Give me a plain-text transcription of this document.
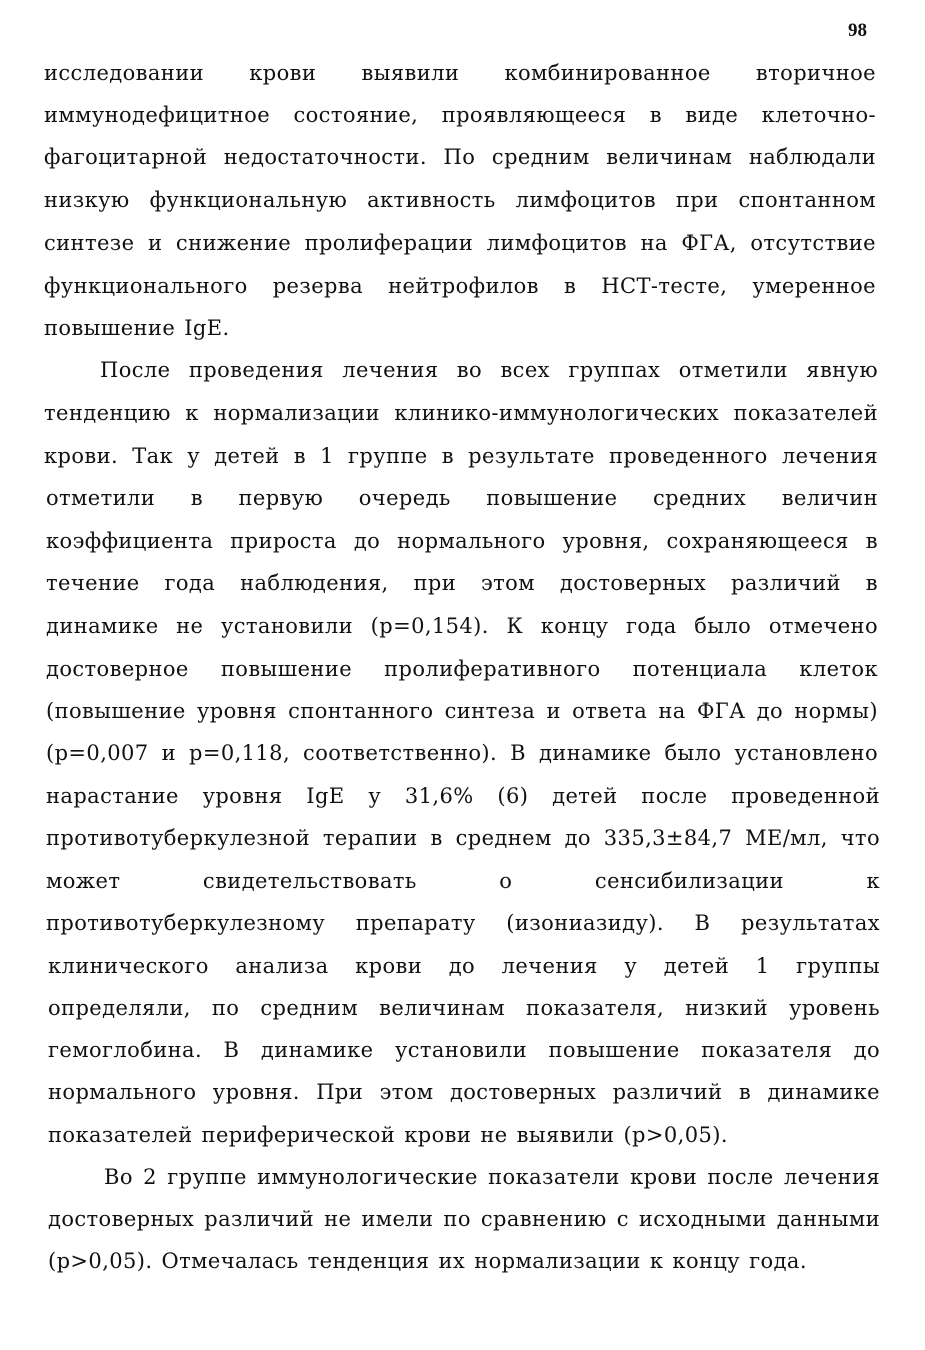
98
исследовании крови выявили комбинированное вторичное
иммунодефицитное состояние, проявляющееся в виде клеточно-
фагоцитарной недостаточности. По средним величинам наблюдали
низкую функциональную активность лимфоцитов при спонтанном
синтезе и снижение пролиферации лимфоцитов на ФГА, отсутствие
функционального резерва нейтрофилов в НСТ-тесте, умеренное
повышение IgE.
После проведения лечения во всех группах отметили явную
тенденцию к нормализации клинико-иммунологических показателей
крови. Так у детей в 1 группе в результате проведенного лечения
отметили в первую очередь повышение средних величин
коэффициента прироста до нормального уровня, сохраняющееся в
течение года наблюдения, при этом достоверных различий в
динамике не установили (р=0,154). К концу года было отмечено
достоверное повышение пролиферативного потенциала клеток
(повышение уровня спонтанного синтеза и ответа на ФГА до нормы)
(р=0,007 и р=0,118, соответственно). В динамике было установлено
нарастание уровня IgE у 31,6% (6) детей после проведенной
противотуберкулезной терапии в среднем до 335,3±84,7 МЕ/мл, что
может свидетельствовать о сенсибилизации к
противотуберкулезному препарату (изониазиду). В результатах
клинического анализа крови до лечения у детей 1 группы
определяли, по средним величинам показателя, низкий уровень
гемоглобина. В динамике установили повышение показателя до
нормального уровня. При этом достоверных различий в динамике
показателей периферической крови не выявили (р>0,05).
Во 2 группе иммунологические показатели крови после лечения
достоверных различий не имели по сравнению с исходными данными
(р>0,05). Отмечалась тенденция их нормализации к концу года.
